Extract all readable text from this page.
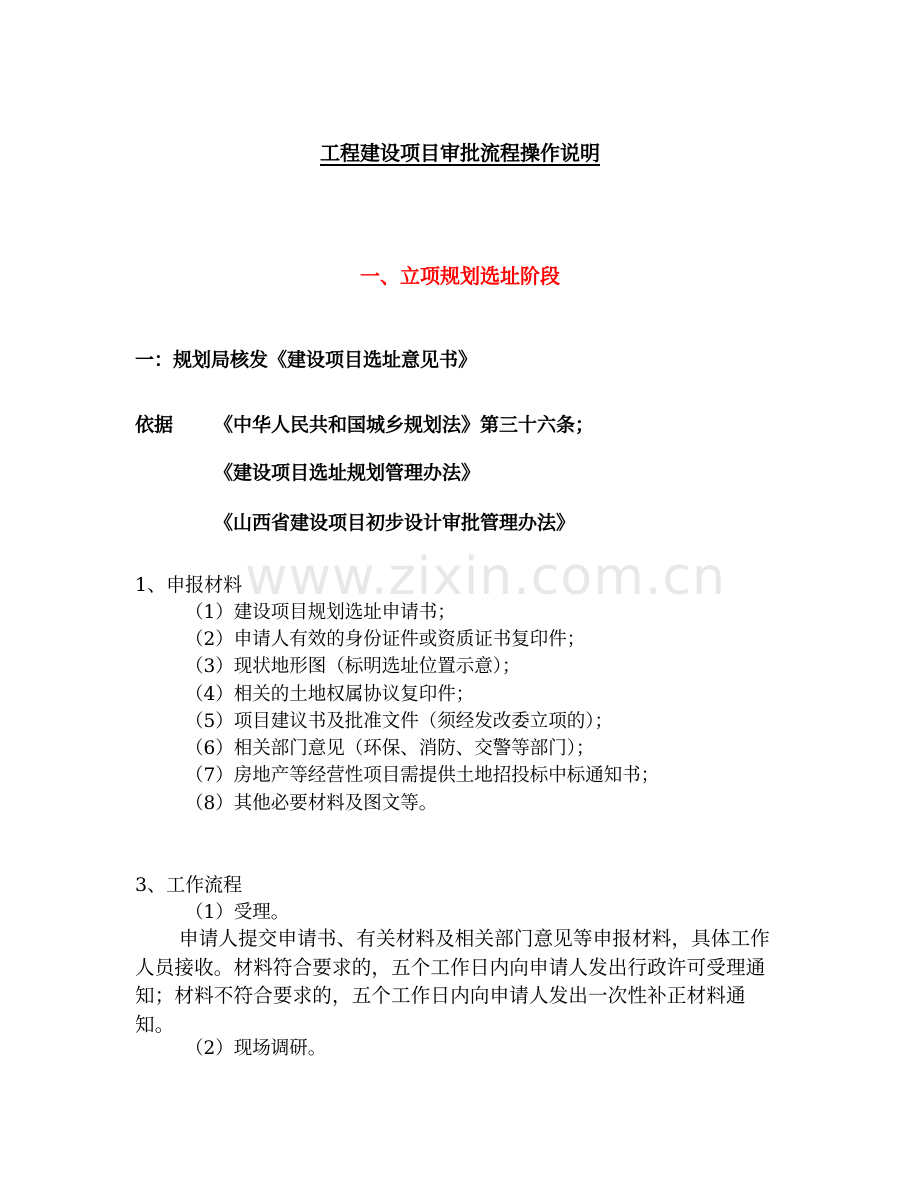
www.zixin.com.cn
工程建设项目审批流程操作说明
一、立项规划选址阶段
一：规划局核发《建设项目选址意见书》
依据 《中华人民共和国城乡规划法》第三十六条；
《建设项目选址规划管理办法》
《山西省建设项目初步设计审批管理办法》
1、申报材料
（1）建设项目规划选址申请书；
（2）申请人有效的身份证件或资质证书复印件；
（3）现状地形图（标明选址位置示意）；
（4）相关的土地权属协议复印件；
（5）项目建议书及批准文件（须经发改委立项的）；
（6）相关部门意见（环保、消防、交警等部门）；
（7）房地产等经营性项目需提供土地招投标中标通知书；
（8）其他必要材料及图文等。
3、工作流程
（1）受理。
申请人提交申请书、有关材料及相关部门意见等申报材料，具体工作人员接收。材料符合要求的，五个工作日内向申请人发出行政许可受理通知；材料不符合要求的，五个工作日内向申请人发出一次性补正材料通知。
（2）现场调研。
